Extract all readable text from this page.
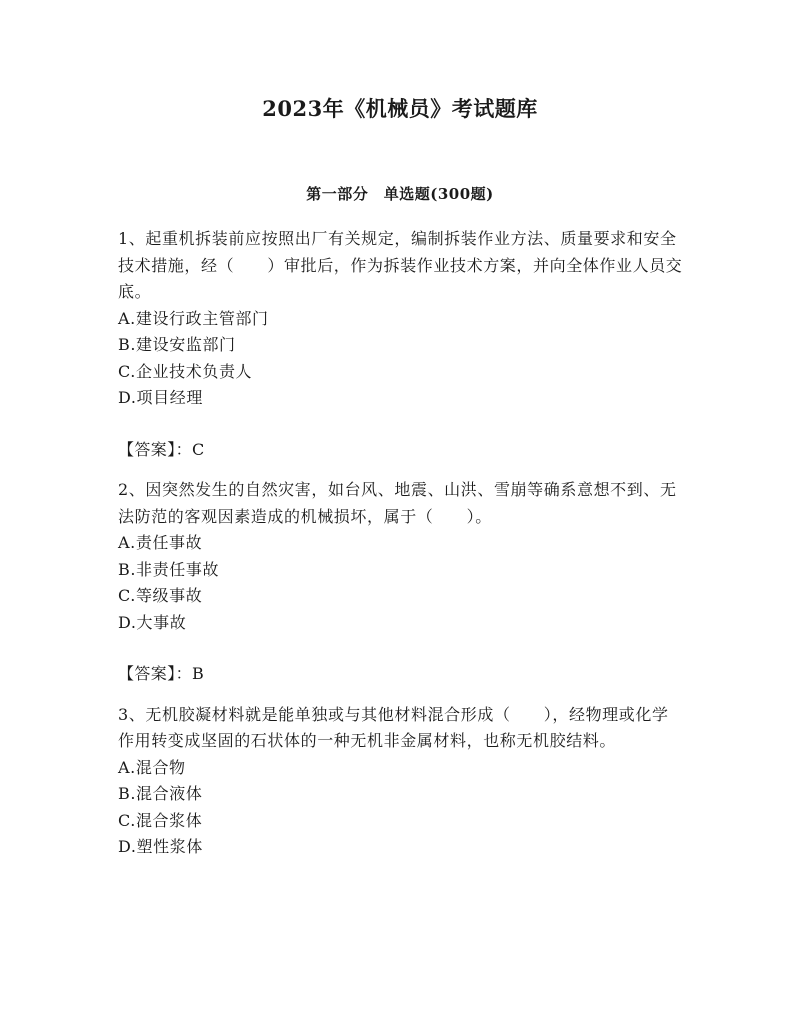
2023年《机械员》考试题库
第一部分　单选题(300题)
1、起重机拆装前应按照出厂有关规定，编制拆装作业方法、质量要求和安全技术措施，经（　　）审批后，作为拆装作业技术方案，并向全体作业人员交底。
A.建设行政主管部门
B.建设安监部门
C.企业技术负责人
D.项目经理
【答案】：C
2、因突然发生的自然灾害，如台风、地震、山洪、雪崩等确系意想不到、无法防范的客观因素造成的机械损坏，属于（　　）。
A.责任事故
B.非责任事故
C.等级事故
D.大事故
【答案】：B
3、无机胶凝材料就是能单独或与其他材料混合形成（　　），经物理或化学作用转变成坚固的石状体的一种无机非金属材料，也称无机胶结料。
A.混合物
B.混合液体
C.混合浆体
D.塑性浆体
